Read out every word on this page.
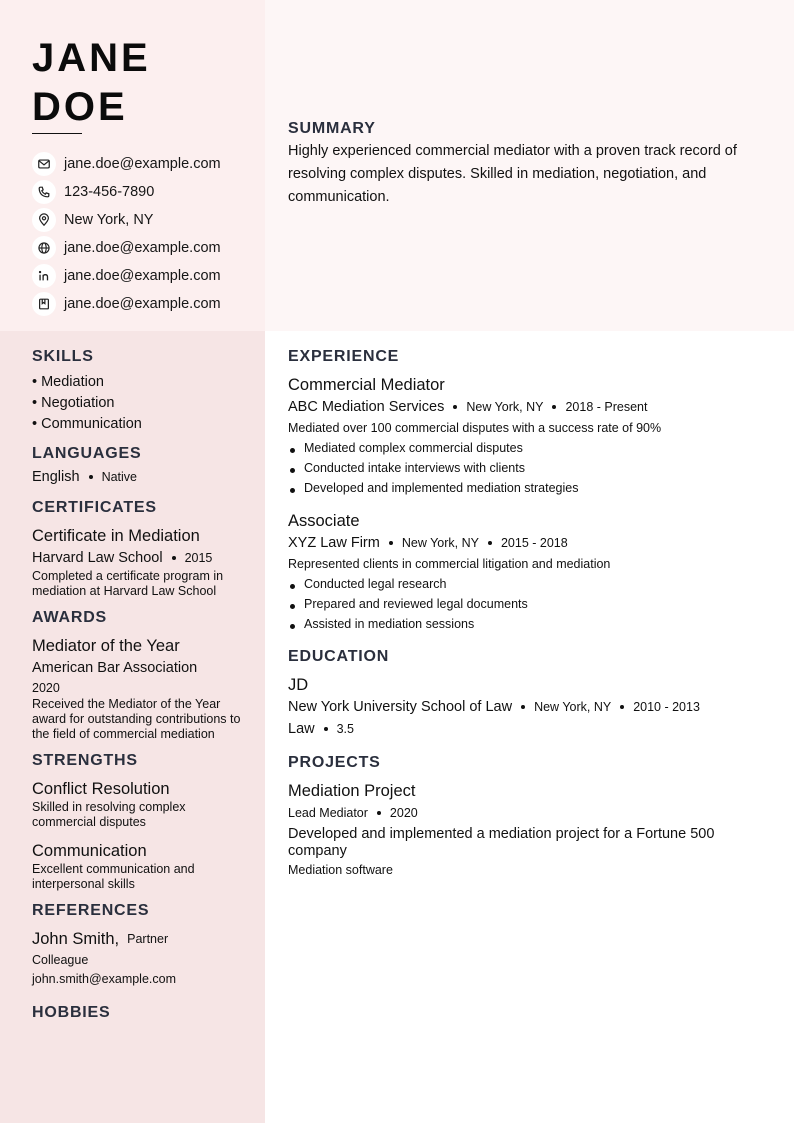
JANE
DOE
jane.doe@example.com
123-456-7890
New York, NY
jane.doe@example.com
jane.doe@example.com
jane.doe@example.com
SUMMARY

Highly experienced commercial mediator with a proven track record of resolving complex disputes. Skilled in mediation, negotiation, and communication.

SKILLS
• Mediation
• Negotiation
• Communication
LANGUAGES
English Native
CERTIFICATES
Certificate in Mediation
Harvard Law School 2015
Completed a certificate program in mediation at Harvard Law School
AWARDS
Mediator of the Year
American Bar Association
2020
Received the Mediator of the Year award for outstanding contributions to the field of commercial mediation
STRENGTHS
Conflict Resolution
Skilled in resolving complex commercial disputes
Communication
Excellent communication and interpersonal skills
REFERENCES
John Smith, Partner
Colleague
john.smith@example.com
HOBBIES
EXPERIENCE
Commercial Mediator
ABC Mediation Services New York, NY 2018 - Present
Mediated over 100 commercial disputes with a success rate of 90%
Mediated complex commercial disputes
Conducted intake interviews with clients
Developed and implemented mediation strategies
Associate
XYZ Law Firm New York, NY 2015 - 2018
Represented clients in commercial litigation and mediation
Conducted legal research
Prepared and reviewed legal documents
Assisted in mediation sessions
EDUCATION
JD
New York University School of Law New York, NY 2010 - 2013
Law 3.5
PROJECTS
Mediation Project
Lead Mediator 2020
Developed and implemented a mediation project for a Fortune 500 company
Mediation software
